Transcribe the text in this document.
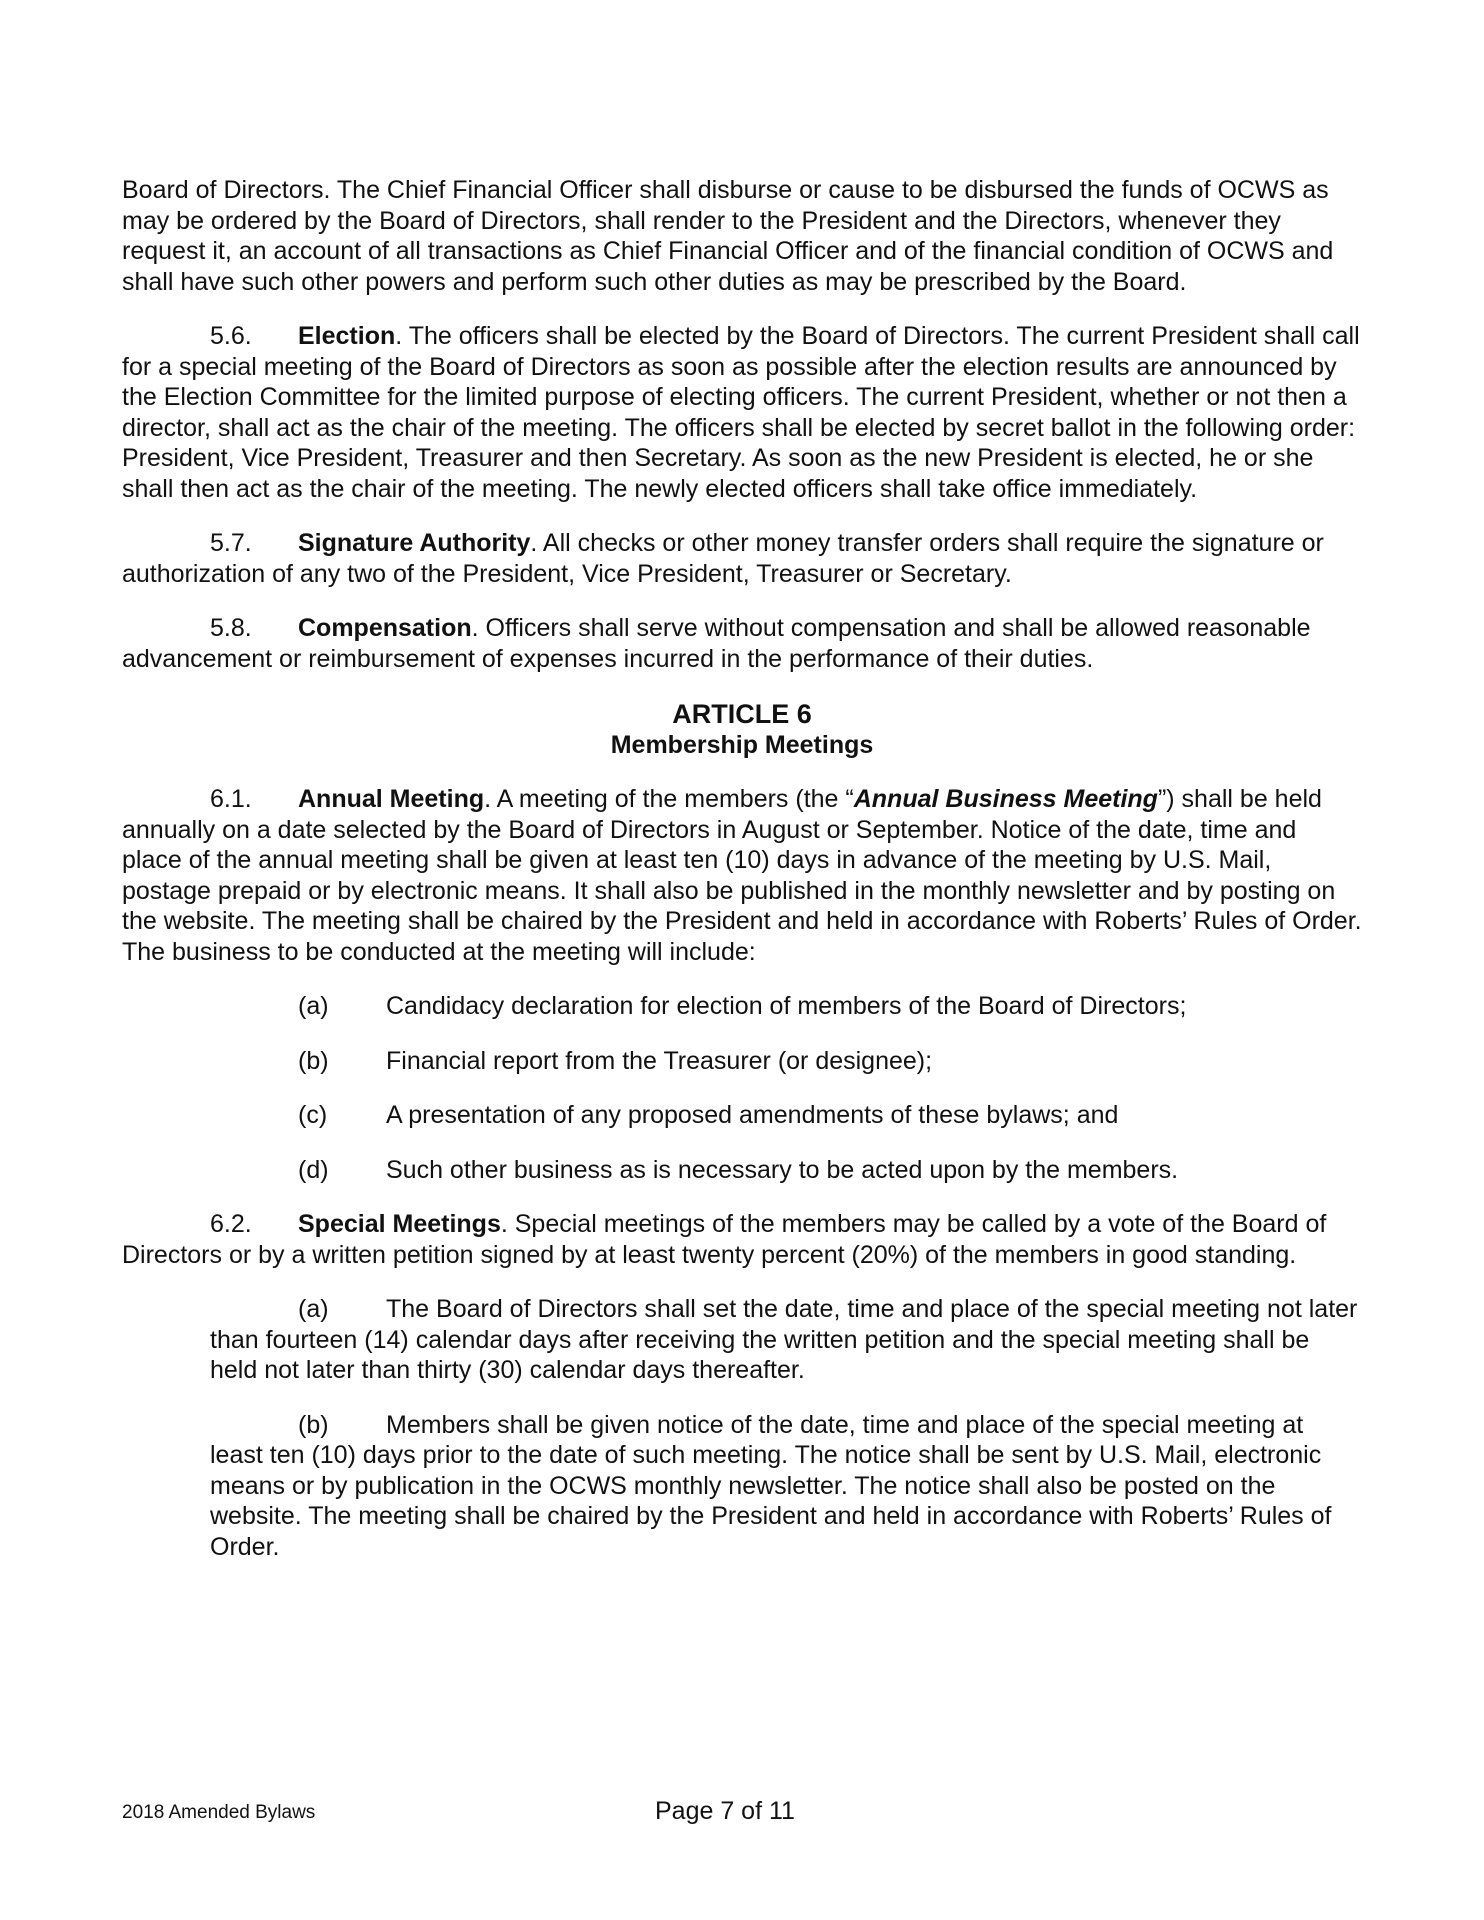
Board of Directors. The Chief Financial Officer shall disburse or cause to be disbursed the funds of OCWS as may be ordered by the Board of Directors, shall render to the President and the Directors, whenever they request it, an account of all transactions as Chief Financial Officer and of the financial condition of OCWS and shall have such other powers and perform such other duties as may be prescribed by the Board.

5.6. Election. The officers shall be elected by the Board of Directors. The current President shall call for a special meeting of the Board of Directors as soon as possible after the election results are announced by the Election Committee for the limited purpose of electing officers. The current President, whether or not then a director, shall act as the chair of the meeting. The officers shall be elected by secret ballot in the following order: President, Vice President, Treasurer and then Secretary. As soon as the new President is elected, he or she shall then act as the chair of the meeting. The newly elected officers shall take office immediately.

5.7. Signature Authority. All checks or other money transfer orders shall require the signature or authorization of any two of the President, Vice President, Treasurer or Secretary.

5.8. Compensation. Officers shall serve without compensation and shall be allowed reasonable advancement or reimbursement of expenses incurred in the performance of their duties.

ARTICLE 6
Membership Meetings

6.1. Annual Meeting. A meeting of the members (the “Annual Business Meeting”) shall be held annually on a date selected by the Board of Directors in August or September. Notice of the date, time and place of the annual meeting shall be given at least ten (10) days in advance of the meeting by U.S. Mail, postage prepaid or by electronic means. It shall also be published in the monthly newsletter and by posting on the website. The meeting shall be chaired by the President and held in accordance with Roberts’ Rules of Order. The business to be conducted at the meeting will include:

(a) Candidacy declaration for election of members of the Board of Directors;
(b) Financial report from the Treasurer (or designee);
(c) A presentation of any proposed amendments of these bylaws; and
(d) Such other business as is necessary to be acted upon by the members.

6.2. Special Meetings. Special meetings of the members may be called by a vote of the Board of Directors or by a written petition signed by at least twenty percent (20%) of the members in good standing.

(a) The Board of Directors shall set the date, time and place of the special meeting not later than fourteen (14) calendar days after receiving the written petition and the special meeting shall be held not later than thirty (30) calendar days thereafter.

(b) Members shall be given notice of the date, time and place of the special meeting at least ten (10) days prior to the date of such meeting. The notice shall be sent by U.S. Mail, electronic means or by publication in the OCWS monthly newsletter. The notice shall also be posted on the website. The meeting shall be chaired by the President and held in accordance with Roberts’ Rules of Order.

2018 Amended Bylaws	Page 7 of 11
